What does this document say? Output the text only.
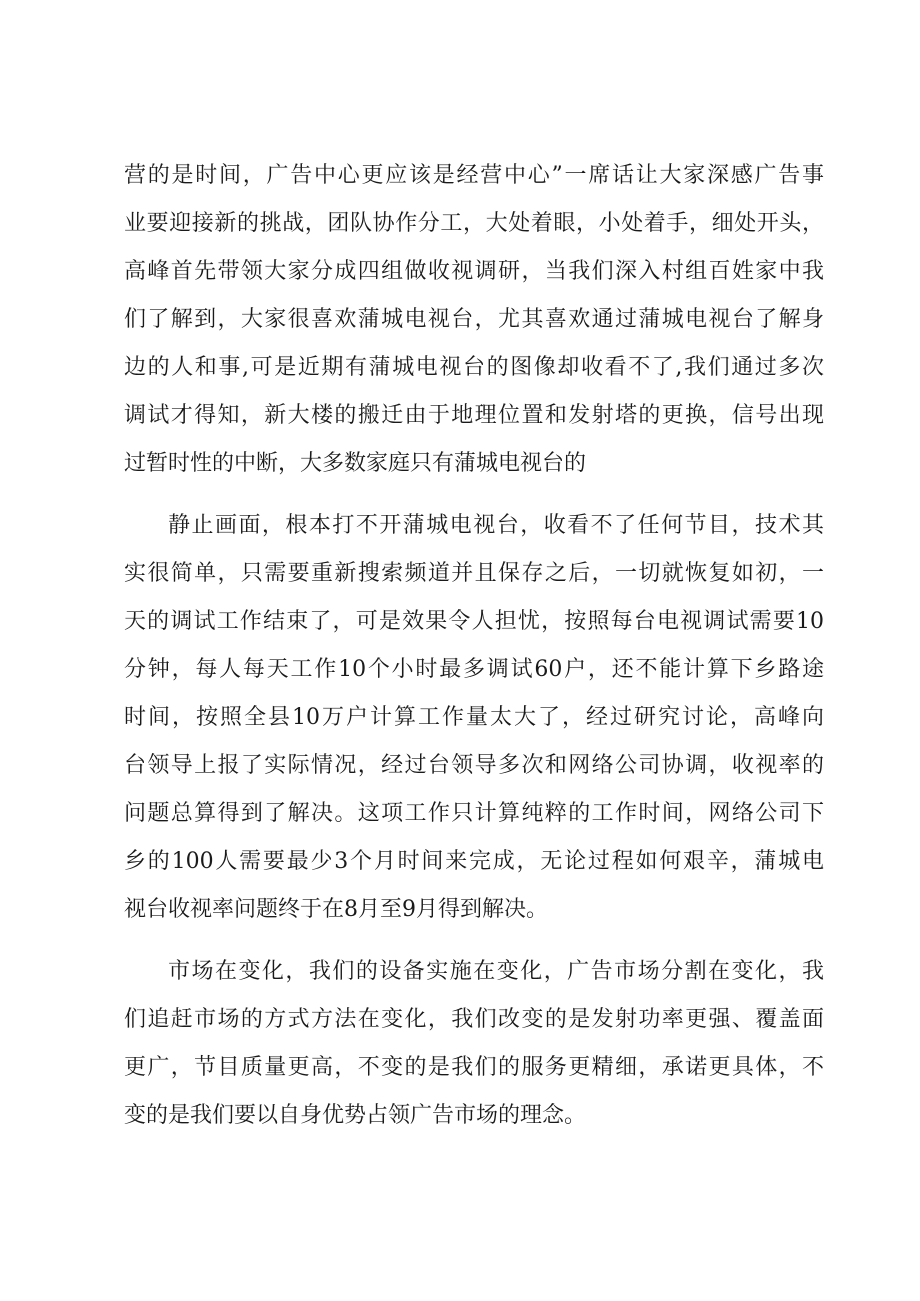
营的是时间，广告中心更应该是经营中心”一席话让大家深感广告事
业要迎接新的挑战，团队协作分工，大处着眼，小处着手，细处开头，
高峰首先带领大家分成四组做收视调研，当我们深入村组百姓家中我
们了解到，大家很喜欢蒲城电视台，尤其喜欢通过蒲城电视台了解身
边的人和事,可是近期有蒲城电视台的图像却收看不了,我们通过多次
调试才得知，新大楼的搬迁由于地理位置和发射塔的更换，信号出现
过暂时性的中断，大多数家庭只有蒲城电视台的
静止画面，根本打不开蒲城电视台，收看不了任何节目，技术其
实很简单，只需要重新搜索频道并且保存之后，一切就恢复如初，一
天的调试工作结束了，可是效果令人担忧，按照每台电视调试需要10
分钟，每人每天工作10个小时最多调试60户，还不能计算下乡路途
时间，按照全县10万户计算工作量太大了，经过研究讨论，高峰向
台领导上报了实际情况，经过台领导多次和网络公司协调，收视率的
问题总算得到了解决。这项工作只计算纯粹的工作时间，网络公司下
乡的100人需要最少3个月时间来完成，无论过程如何艰辛，蒲城电
视台收视率问题终于在8月至9月得到解决。
市场在变化，我们的设备实施在变化，广告市场分割在变化，我
们追赶市场的方式方法在变化，我们改变的是发射功率更强、覆盖面
更广，节目质量更高，不变的是我们的服务更精细，承诺更具体，不
变的是我们要以自身优势占领广告市场的理念。
